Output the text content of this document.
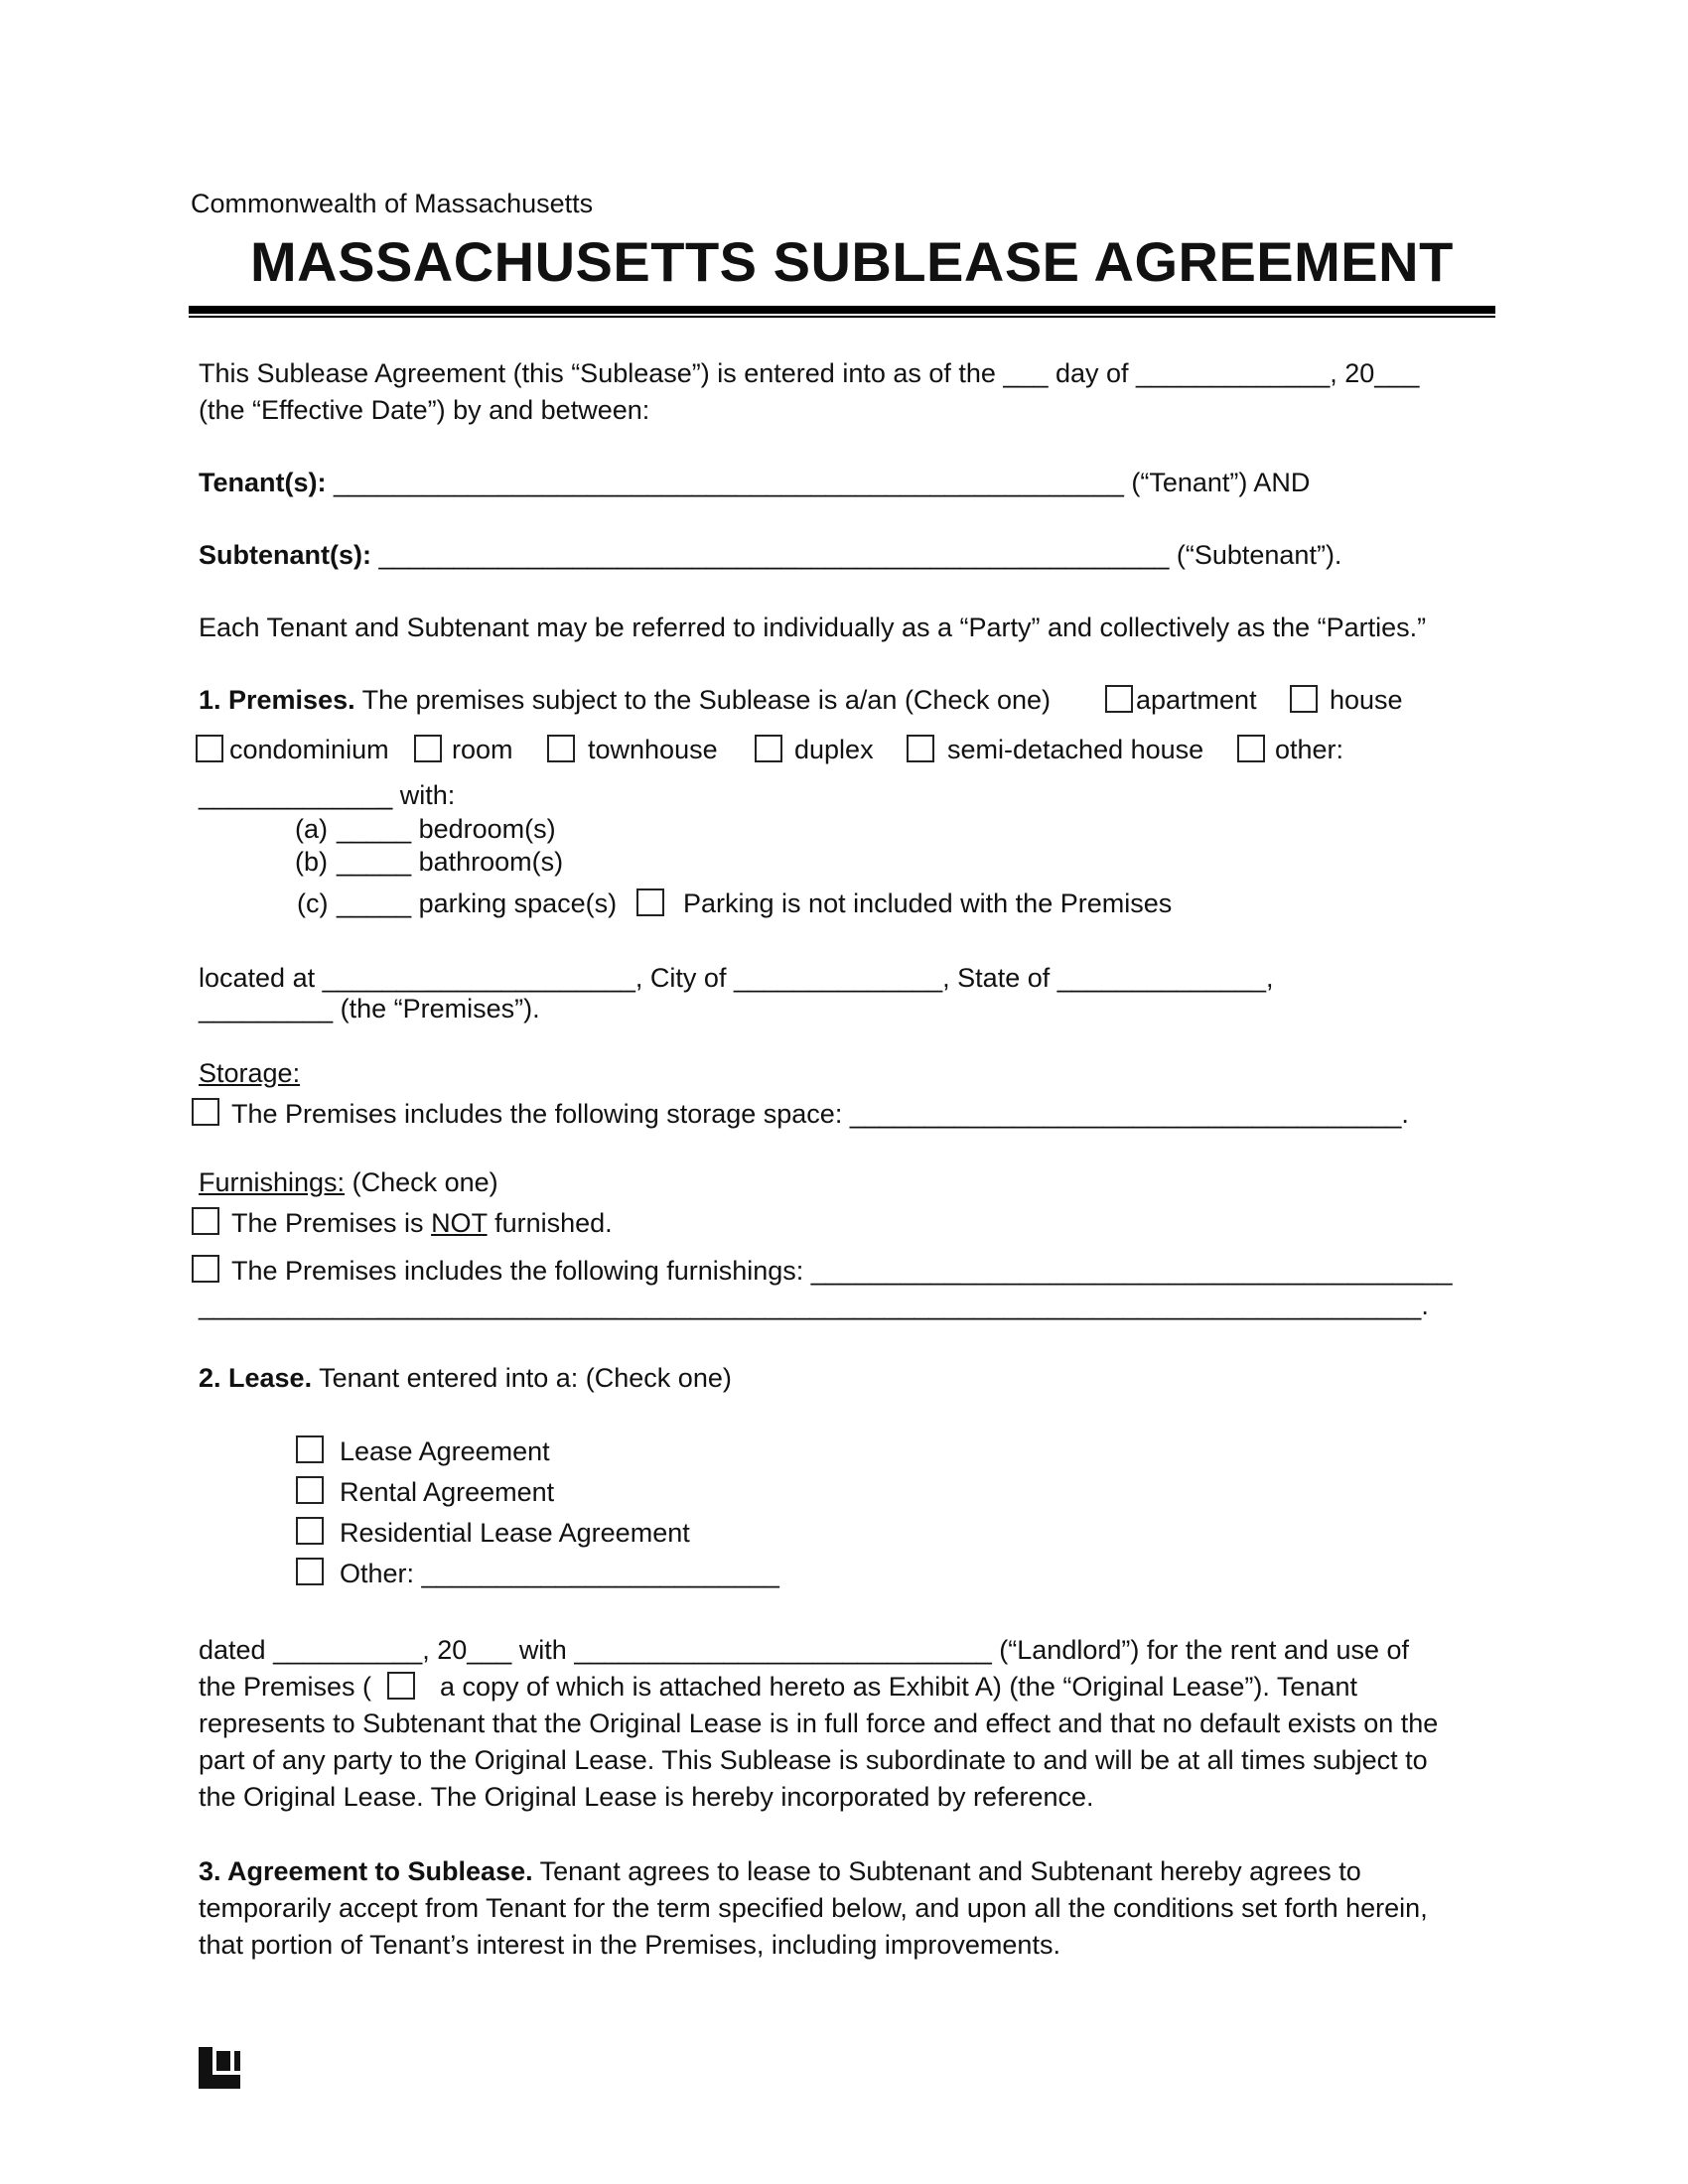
Commonwealth of Massachusetts
MASSACHUSETTS SUBLEASE AGREEMENT
This Sublease Agreement (this “Sublease”) is entered into as of the ___ day of _____________, 20___
(the “Effective Date”) by and between:
Tenant(s): _____________________________________________________ (“Tenant”) AND
Subtenant(s): _____________________________________________________ (“Subtenant”).
Each Tenant and Subtenant may be referred to individually as a “Party” and collectively as the “Parties.”
1. Premises. The premises subject to the Sublease is a/an (Check one)	apartment	house
condominium room	townhouse	duplex	semi-detached house	other:
_____________ with:
(a) _____ bedroom(s)
(b) _____ bathroom(s)
(c) _____ parking space(s) Parking is not included with the Premises
located at _____________________, City of ______________, State of ______________,
_________ (the “Premises”).
Storage:
The Premises includes the following storage space: _____________________________________.
Furnishings: (Check one)
The Premises is NOT furnished.
The Premises includes the following furnishings: ___________________________________________
__________________________________________________________________________________.
2. Lease. Tenant entered into a: (Check one)
Lease Agreement
Rental Agreement
Residential Lease Agreement
Other: ________________________
dated __________, 20___ with ____________________________ (“Landlord”) for the rent and use of
the Premises (	a copy of which is attached hereto as Exhibit A) (the “Original Lease”). Tenant
represents to Subtenant that the Original Lease is in full force and effect and that no default exists on the
part of any party to the Original Lease. This Sublease is subordinate to and will be at all times subject to
the Original Lease. The Original Lease is hereby incorporated by reference.
3. Agreement to Sublease. Tenant agrees to lease to Subtenant and Subtenant hereby agrees to
temporarily accept from Tenant for the term specified below, and upon all the conditions set forth herein,
that portion of Tenant’s interest in the Premises, including improvements.
